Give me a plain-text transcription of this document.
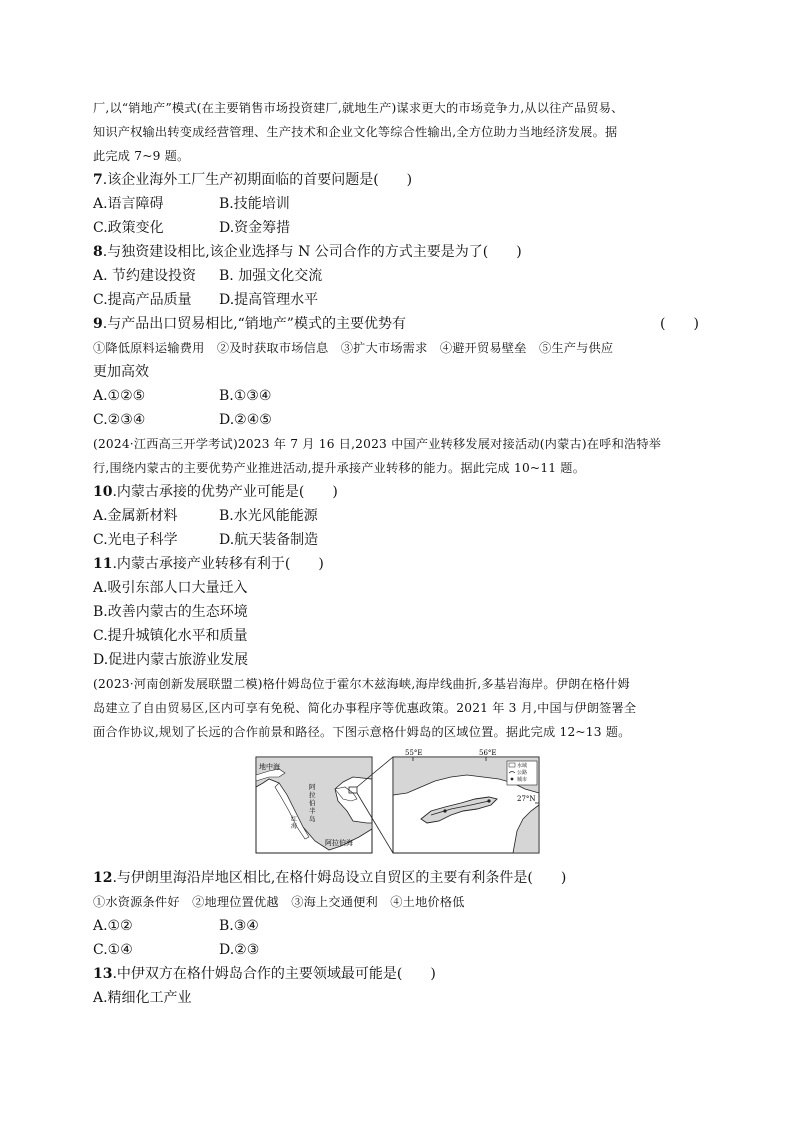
厂,以“销地产”模式(在主要销售市场投资建厂,就地生产)谋求更大的市场竞争力,从以往产品贸易、
知识产权输出转变成经营管理、生产技术和企业文化等综合性输出,全方位助力当地经济发展。据
此完成 7~9 题。
7.该企业海外工厂生产初期面临的首要问题是(　　)
A.语言障碍	B.技能培训
C.政策变化	D.资金筹措
8.与独资建设相比,该企业选择与 N 公司合作的方式主要是为了(　　)
A. 节约建设投资 B. 加强文化交流
C.提高产品质量 D.提高管理水平
9.与产品出口贸易相比,“销地产”模式的主要优势有	(　　)
①降低原料运输费用　②及时获取市场信息　③扩大市场需求　④避开贸易壁垒　⑤生产与供应
更加高效
A.①②⑤	B.①③④
C.②③④	D.②④⑤
(2024·江西高三开学考试)2023 年 7 月 16 日,2023 中国产业转移发展对接活动(内蒙古)在呼和浩特举
行,围绕内蒙古的主要优势产业推进活动,提升承接产业转移的能力。据此完成 10~11 题。
10.内蒙古承接的优势产业可能是(　　)
A.金属新材料	B.水光风能能源
C.光电子科学	D.航天装备制造
11.内蒙古承接产业转移有利于(　　)
A.吸引东部人口大量迁入
B.改善内蒙古的生态环境
C.提升城镇化水平和质量
D.促进内蒙古旅游业发展
(2023·河南创新发展联盟二模)格什姆岛位于霍尔木兹海峡,海岸线曲折,多基岩海岸。伊朗在格什姆
岛建立了自由贸易区,区内可享有免税、简化办事程序等优惠政策。2021 年 3 月,中国与伊朗签署全
面合作协议,规划了长远的合作前景和路径。下图示意格什姆岛的区域位置。据此完成 12~13 题。
地中海
阿拉伯海
阿
拉
伯
半
岛
红
海
55°E	56°E
27°N
水域
公路
城市
12.与伊朗里海沿岸地区相比,在格什姆岛设立自贸区的主要有利条件是(　　)
①水资源条件好　②地理位置优越　③海上交通便利　④土地价格低
A.①②	B.③④
C.①④	D.②③
13.中伊双方在格什姆岛合作的主要领域最可能是(　　)
A.精细化工产业
